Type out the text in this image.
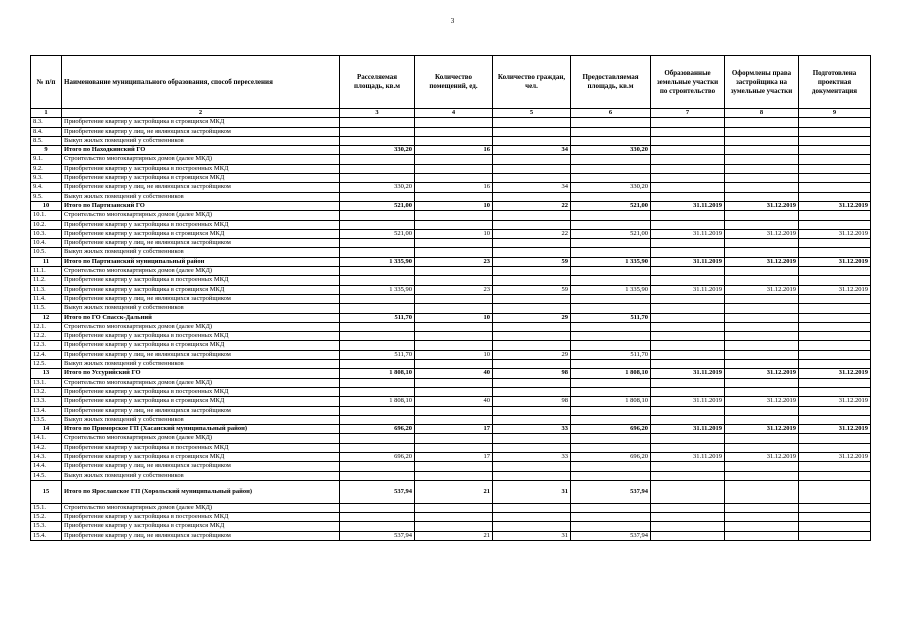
3
№ п/п	Наименование муниципального образования, способ переселения	Расселяемая площадь, кв.м	Количество помещений, ед.	Количество граждан, чел.	Предоставляемая площадь, кв.м	Образованные земельные участки по строительство	Оформлены права застройщика на зумельные участки	Подготовлена проектная документация
1	2	3	4	5	6	7	8	9
8.3.	Приобретение квартир у застройщика в строящихся МКД							
8.4.	Приобретение квартир у лиц, не являющихся застройщиком							
8.5.	Выкуп жилых помещений у собственников							
9	Итого по Находкинский ГО	330,20	16	34	330,20			
9.1.	Строительство многоквартирных домов (далее МКД)							
9.2.	Приобретение квартир у застройщика в построенных МКД							
9.3.	Приобретение квартир у застройщика в строящихся МКД							
9.4.	Приобретение квартир у лиц, не являющихся застройщиком	330,20	16	34	330,20			
9.5.	Выкуп жилых помещений у собственников							
10	Итого по Партизанский ГО	521,00	10	22	521,00	31.11.2019	31.12.2019	31.12.2019
10.1.	Строительство многоквартирных домов (далее МКД)							
10.2.	Приобретение квартир у застройщика в построенных МКД							
10.3.	Приобретение квартир у застройщика в строящихся МКД	521,00	10	22	521,00	31.11.2019	31.12.2019	31.12.2019
10.4.	Приобретение квартир у лиц, не являющихся застройщиком							
10.5.	Выкуп жилых помещений у собственников							
11	Итого по Партизанский муниципальный район	1 335,90	23	59	1 335,90	31.11.2019	31.12.2019	31.12.2019
11.1.	Строительство многоквартирных домов (далее МКД)							
11.2.	Приобретение квартир у застройщика в построенных МКД							
11.3.	Приобретение квартир у застройщика в строящихся МКД	1 335,90	23	59	1 335,90	31.11.2019	31.12.2019	31.12.2019
11.4.	Приобретение квартир у лиц, не являющихся застройщиком							
11.5.	Выкуп жилых помещений у собственников							
12	Итого по ГО Спасск-Дальний	511,70	10	29	511,70			
12.1.	Строительство многоквартирных домов (далее МКД)							
12.2.	Приобретение квартир у застройщика в построенных МКД							
12.3.	Приобретение квартир у застройщика в строящихся МКД							
12.4.	Приобретение квартир у лиц, не являющихся застройщиком	511,70	10	29	511,70			
12.5.	Выкуп жилых помещений у собственников							
13	Итого по Уссурийский ГО	1 808,10	40	98	1 808,10	31.11.2019	31.12.2019	31.12.2019
13.1.	Строительство многоквартирных домов (далее МКД)							
13.2.	Приобретение квартир у застройщика в построенных МКД							
13.3.	Приобретение квартир у застройщика в строящихся МКД	1 808,10	40	98	1 808,10	31.11.2019	31.12.2019	31.12.2019
13.4.	Приобретение квартир у лиц, не являющихся застройщиком							
13.5.	Выкуп жилых помещений у собственников							
14	Итого по Приморское ГП (Хасанский муниципальный район)	696,20	17	33	696,20	31.11.2019	31.12.2019	31.12.2019
14.1.	Строительство многоквартирных домов (далее МКД)							
14.2.	Приобретение квартир у застройщика в построенных МКД							
14.3.	Приобретение квартир у застройщика в строящихся МКД	696,20	17	33	696,20	31.11.2019	31.12.2019	31.12.2019
14.4.	Приобретение квартир у лиц, не являющихся застройщиком							
14.5.	Выкуп жилых помещений у собственников							
15	Итого по Ярославское ГП (Хорольский муниципальный район)	537,94	21	31	537,94			
15.1.	Строительство многоквартирных домов (далее МКД)							
15.2.	Приобретение квартир у застройщика в построенных МКД							
15.3.	Приобретение квартир у застройщика в строящихся МКД							
15.4.	Приобретение квартир у лиц, не являющихся застройщиком	537,94	21	31	537,94			
